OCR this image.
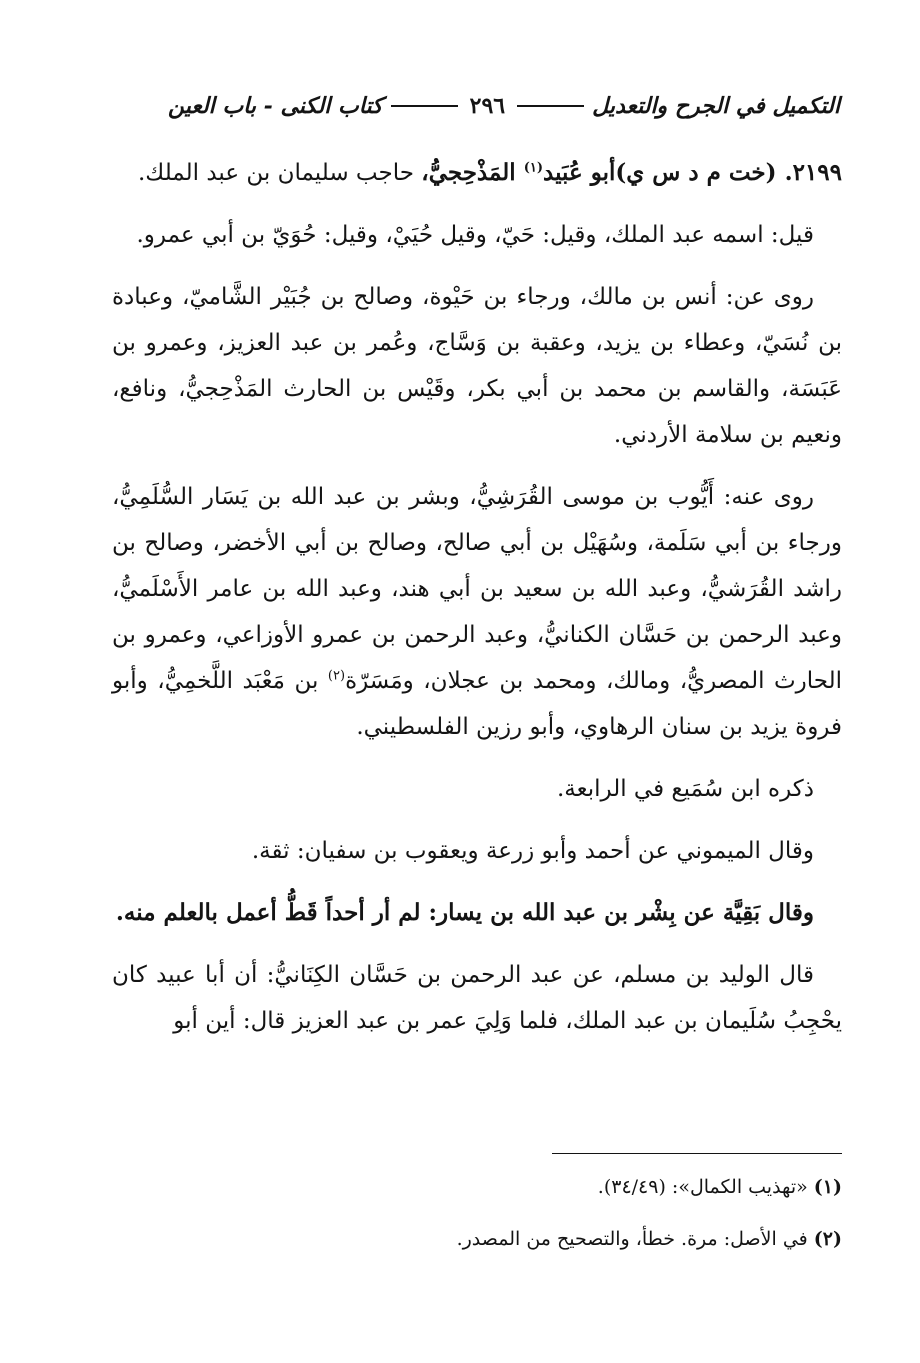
التكميل في الجرح والتعديل
٢٩٦
كتاب الكنى - باب العين

٢١٩٩. (خت م د س ي)أبو عُبَيد$^{(١)}$ المَذْحِجيُّ، حاجب سليمان بن عبد الملك.

قيل: اسمه عبد الملك، وقيل: حَيّ، وقيل حُيَيْ، وقيل: حُوَيّ بن أبي عمرو.

روى عن: أنس بن مالك، ورجاء بن حَيْوة، وصالح بن جُبَيْر الشَّاميّ، وعبادة بن نُسَيّ، وعطاء بن يزيد، وعقبة بن وَسَّاج، وعُمر بن عبد العزيز، وعمرو بن عَبَسَة، والقاسم بن محمد بن أبي بكر، وقَيْس بن الحارث المَذْحِجيُّ، ونافع، ونعيم بن سلامة الأردني.

روى عنه: أَيُّوب بن موسى القُرَشِيُّ، وبشر بن عبد الله بن يَسَار السُّلَمِيُّ، ورجاء بن أبي سَلَمة، وسُهَيْل بن أبي صالح، وصالح بن أبي الأخضر، وصالح بن راشد القُرَشيُّ، وعبد الله بن سعيد بن أبي هند، وعبد الله بن عامر الأَسْلَميُّ، وعبد الرحمن بن حَسَّان الكنانيُّ، وعبد الرحمن بن عمرو الأوزاعي، وعمرو بن الحارث المصريُّ، ومالك، ومحمد بن عجلان، ومَسَرّة$^{(٢)}$ بن مَعْبَد اللَّخمِيُّ، وأبو فروة يزيد بن سنان الرهاوي، وأبو رزين الفلسطيني.

ذكره ابن سُمَيع في الرابعة.

وقال الميموني عن أحمد وأبو زرعة ويعقوب بن سفيان: ثقة.

وقال بَقِيَّة عن بِشْر بن عبد الله بن يسار: لم أر أحداً قَطُّ أعمل بالعلم منه.

قال الوليد بن مسلم، عن عبد الرحمن بن حَسَّان الكِنَانيُّ: أن أبا عبيد كان يحْجِبُ سُلَيمان بن عبد الملك، فلما وَلِيَ عمر بن عبد العزيز قال: أين أبو

(١) «تهذيب الكمال»: (٣٤/٤٩).
(٢) في الأصل: مرة. خطأ، والتصحيح من المصدر.
